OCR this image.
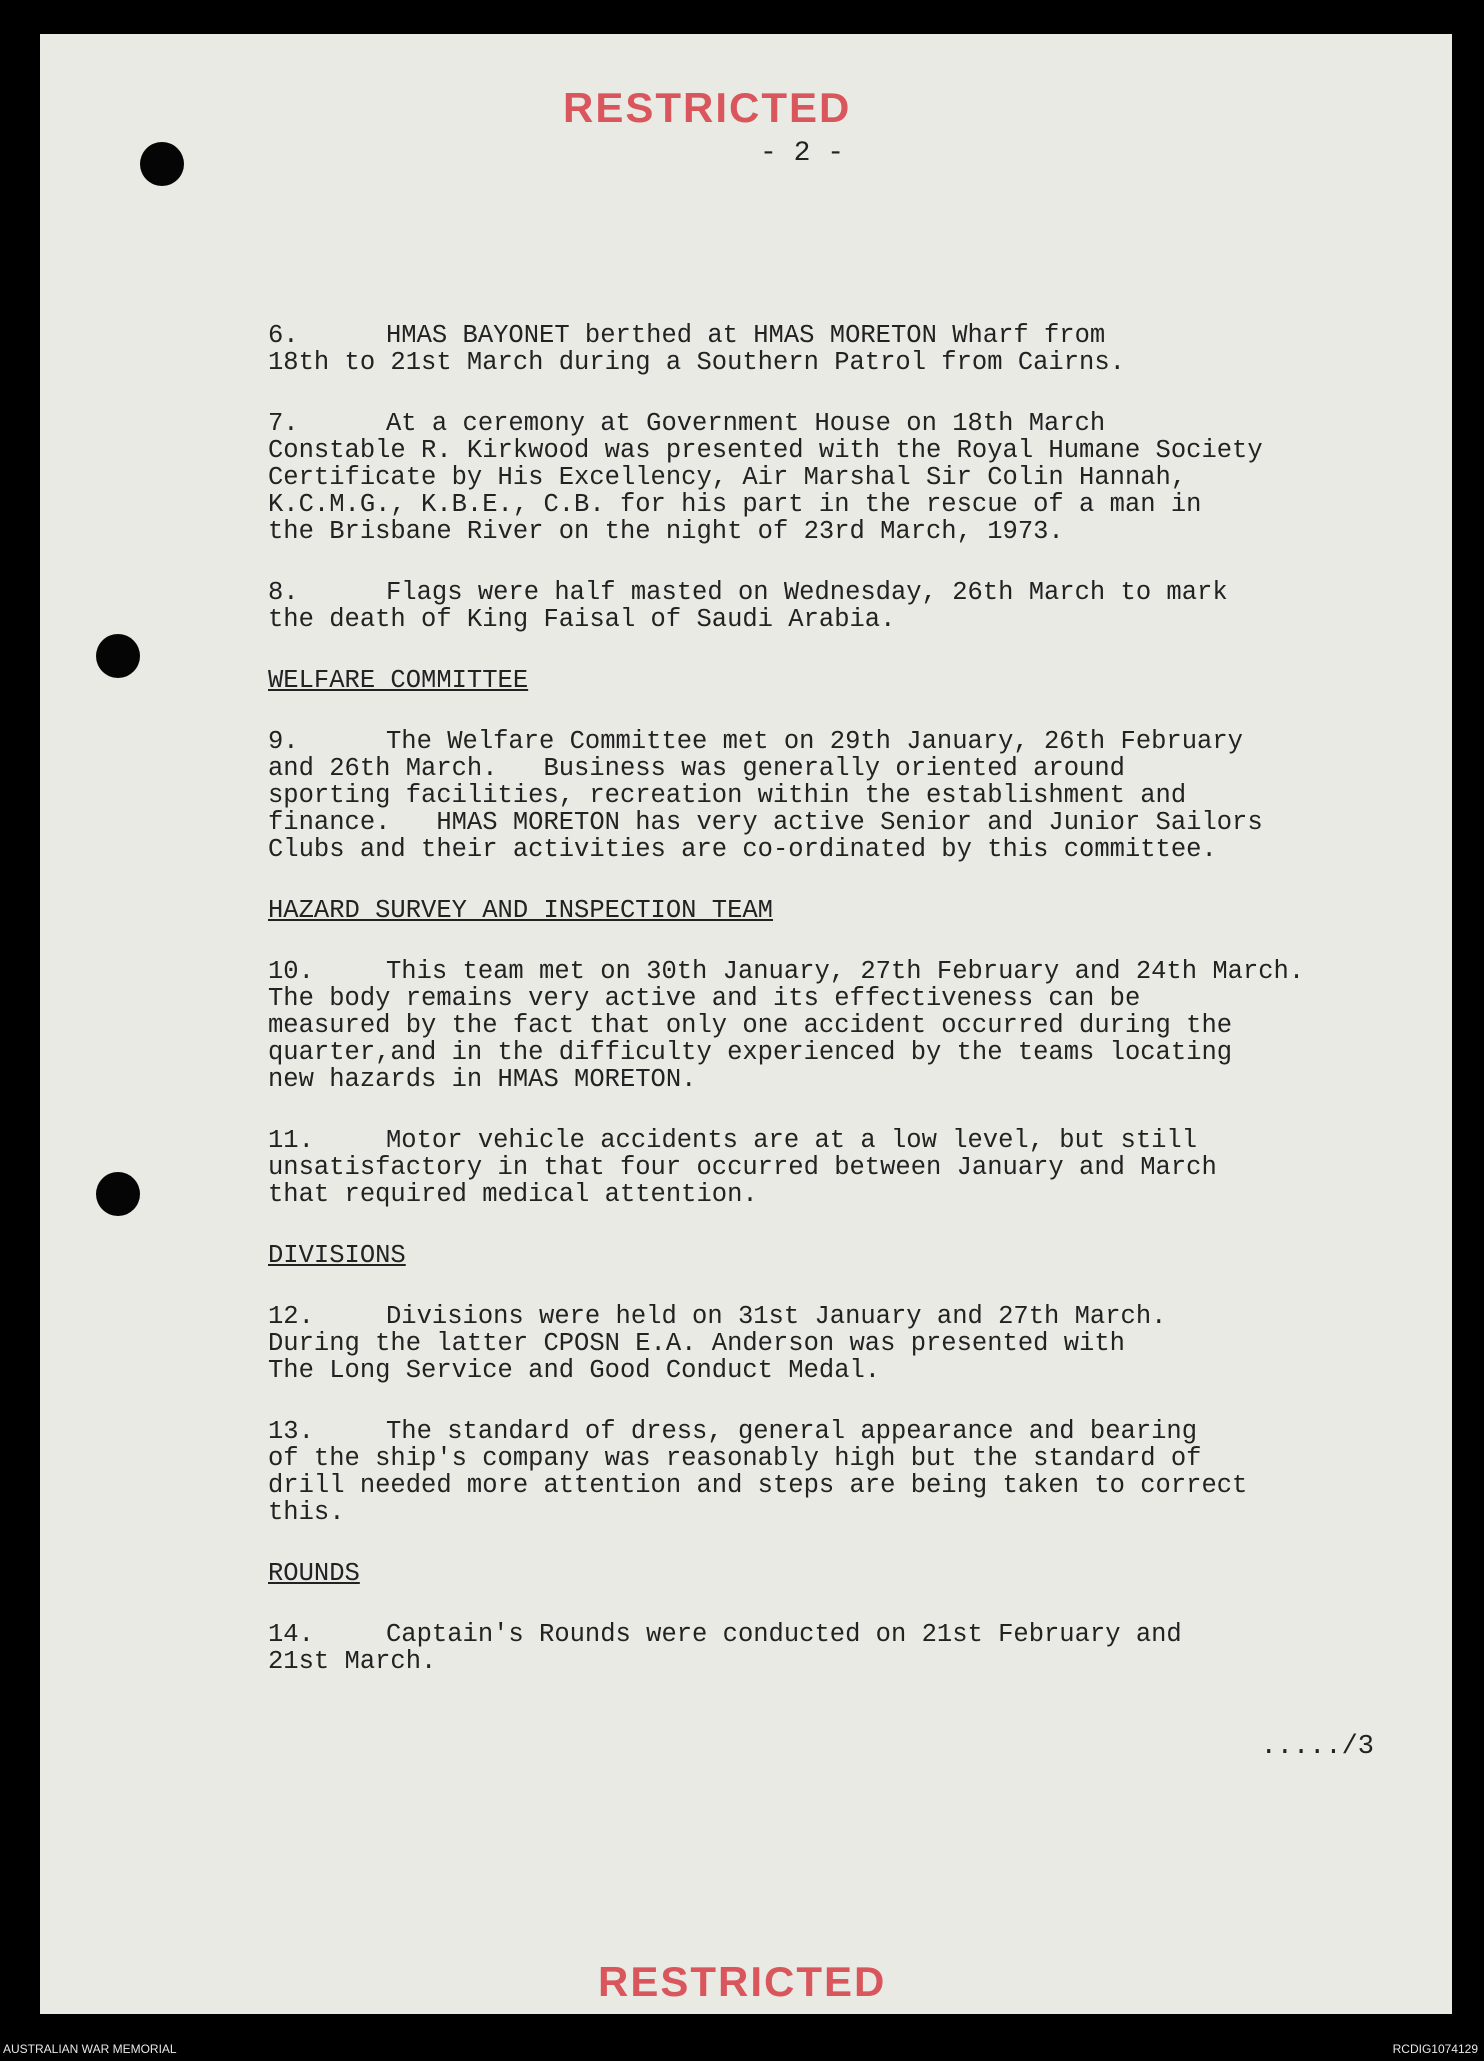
RESTRICTED
- 2 -
6.	HMAS BAYONET berthed at HMAS MORETON Wharf from
18th to 21st March during a Southern Patrol from Cairns.
7.	At a ceremony at Government House on 18th March
Constable R. Kirkwood was presented with the Royal Humane Society
Certificate by His Excellency, Air Marshal Sir Colin Hannah,
K.C.M.G., K.B.E., C.B. for his part in the rescue of a man in
the Brisbane River on the night of 23rd March, 1973.
8.	Flags were half masted on Wednesday, 26th March to mark
the death of King Faisal of Saudi Arabia.
WELFARE COMMITTEE
9.	The Welfare Committee met on 29th January, 26th February
and 26th March.   Business was generally oriented around
sporting facilities, recreation within the establishment and
finance.   HMAS MORETON has very active Senior and Junior Sailors
Clubs and their activities are co-ordinated by this committee.
HAZARD SURVEY AND INSPECTION TEAM
10.	This team met on 30th January, 27th February and 24th March.
The body remains very active and its effectiveness can be
measured by the fact that only one accident occurred during the
quarter,and in the difficulty experienced by the teams locating
new hazards in HMAS MORETON.
11.	Motor vehicle accidents are at a low level, but still
unsatisfactory in that four occurred between January and March
that required medical attention.
DIVISIONS
12.	Divisions were held on 31st January and 27th March.
During the latter CPOSN E.A. Anderson was presented with
The Long Service and Good Conduct Medal.
13.	The standard of dress, general appearance and bearing
of the ship's company was reasonably high but the standard of
drill needed more attention and steps are being taken to correct
this.
ROUNDS
14.	Captain's Rounds were conducted on 21st February and
21st March.
...../3
RESTRICTED
AUSTRALIAN WAR MEMORIAL	RCDIG1074129
